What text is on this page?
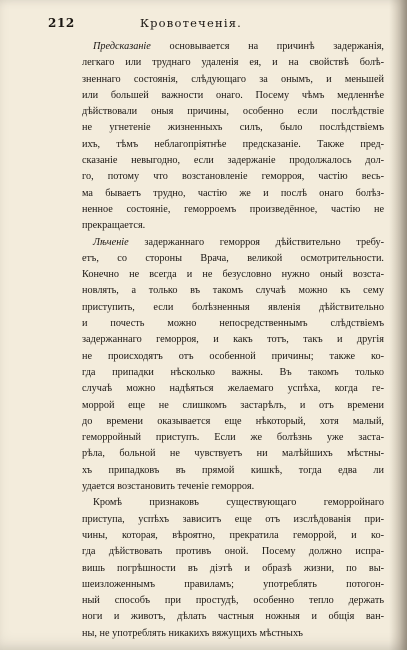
212	Кровотеченія.
Предсказаніе основывается на причинѣ задержанія,
легкаго или труднаго удаленія ея, и на свойствѣ болѣ-
зненнаго состоянія, слѣдующаго за онымъ, и меньшей
или большей важности онаго. Посему чѣмъ медленнѣе
дѣйствовали оныя причины, особенно если послѣдствiе
не угнетеніе жизненныхъ силъ, было послѣдствiемъ
ихъ, тѣмъ неблагопріятнѣе предсказаніе. Также пред-
сказаніе невыгодно, если задержаніе продолжалось дол-
го, потому что возстановленіе геморроя, частію весь-
ма бываетъ трудно, частію же и послѣ онаго болѣз-
ненное состояніе, геморроемъ произведённое, частію не
прекращается.
Лѣченіе задержаннаго геморроя дѣйствительно требу-
етъ, со стороны Врача, великой осмотрительности.
Конечно не всегда и не безусловно нужно оный возста-
новлять, а только въ такомъ случаѣ можно къ сему
приступить, если болѣзненныя явленія дѣйствительно
и почесть можно непосредственнымъ слѣдствіемъ
задержаннаго геморроя, и какъ тотъ, такъ и другія
не происходятъ отъ особенной причины; также ко-
гда припадки нѣсколько важны. Въ такомъ только
случаѣ можно надѣяться желаемаго успѣха, когда ге-
моррой еще не слишкомъ застарѣлъ, и отъ времени
до времени оказывается еще нѣкоторый, хотя малый,
геморройный приступъ. Если же болѣзнь уже заста-
рѣла, больной не чувствуетъ ни малѣйшихъ мѣстны-
хъ припадковъ въ прямой кишкѣ, тогда едва ли
удается возстановить теченіе геморроя.
Кромѣ признаковъ существующаго геморройнаго
приступа, успѣхъ зависитъ еще отъ изслѣдованія при-
чины, которая, вѣроятно, прекратила геморрой, и ко-
гда дѣйствовать противъ оной. Посему должно испра-
вишь погрѣшности въ діэтѣ и образѣ жизни, по вы-
шеизложеннымъ правиламъ; употреблять потогон-
ный способъ при простудѣ, особенно тепло держать
ноги и животъ, дѣлать частныя ножныя и общія ван-
ны, не употреблять никакихъ вяжущихъ мѣстныхъ
